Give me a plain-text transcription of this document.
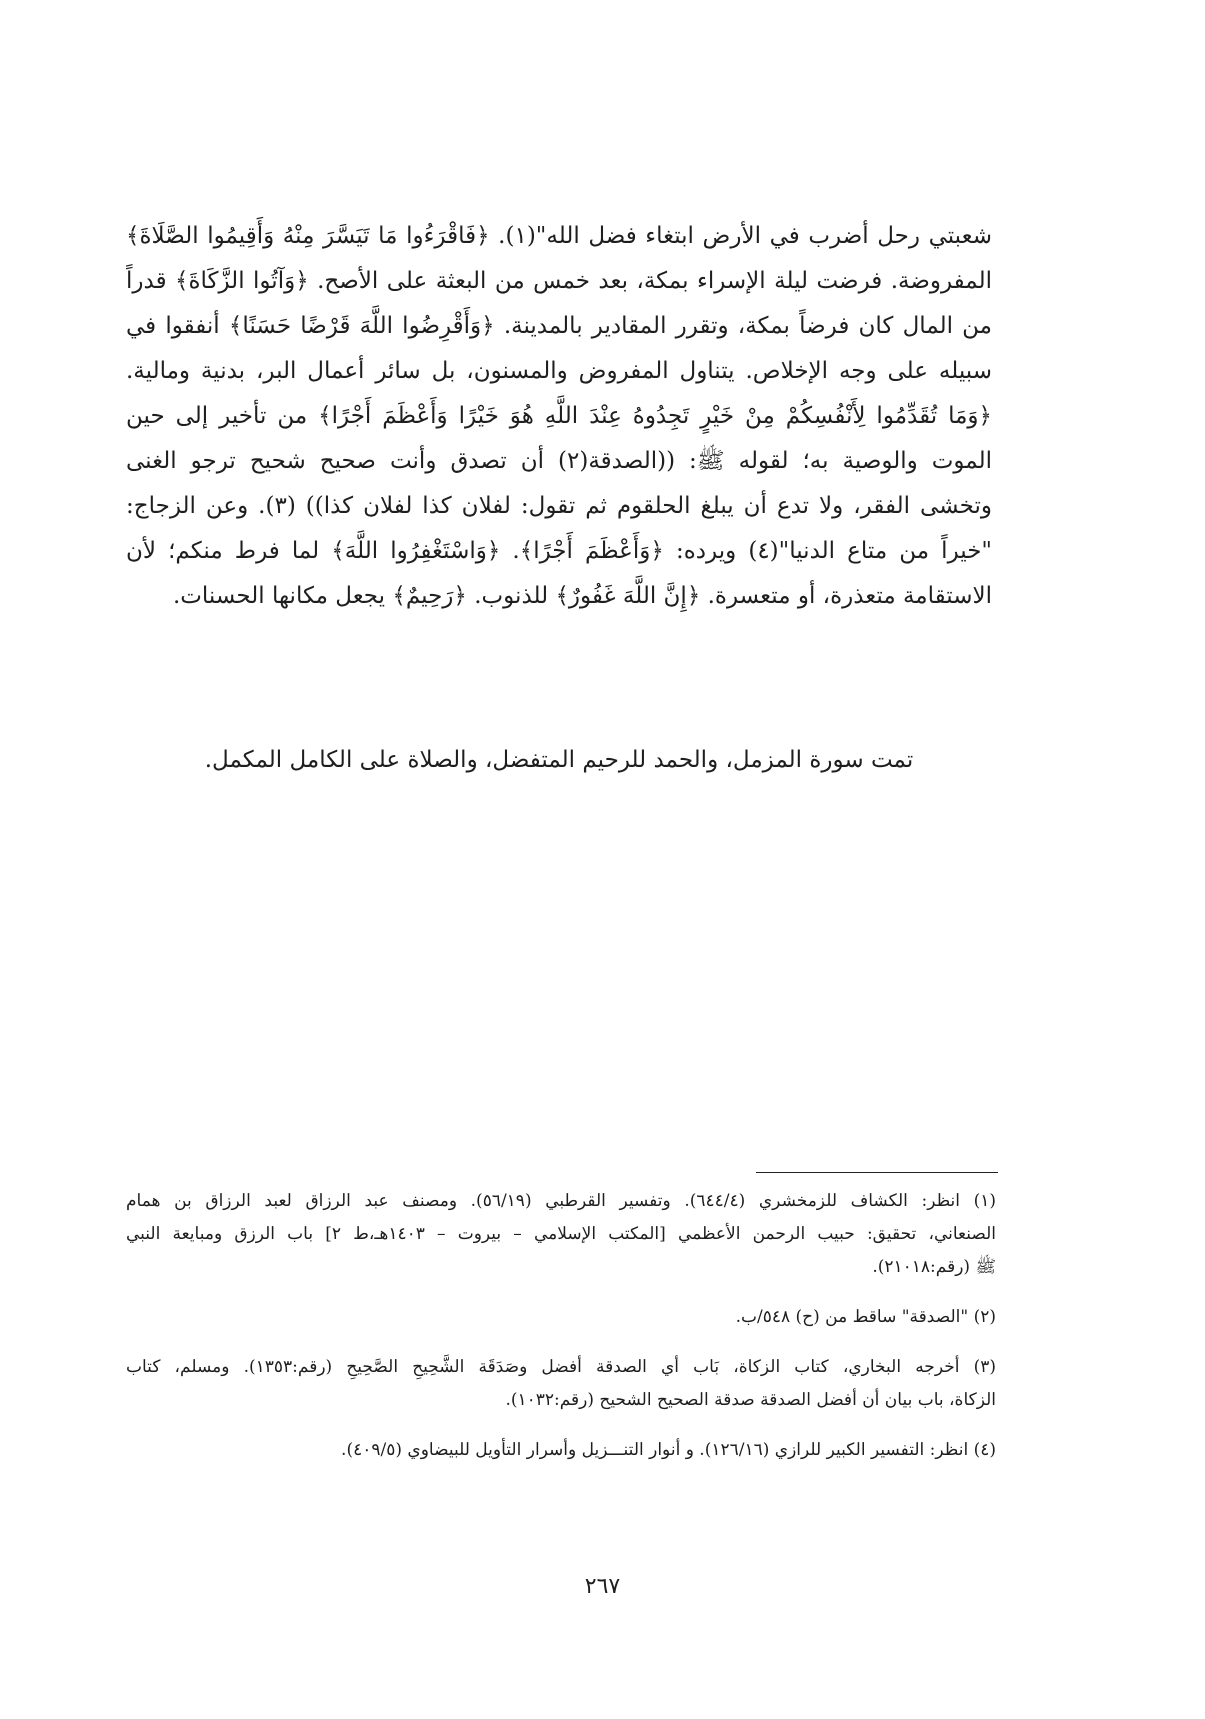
شعبتي رحل أضرب في الأرض ابتغاء فضل الله"(١). ﴿فَاقْرَءُوا مَا تَيَسَّرَ مِنْهُ وَأَقِيمُوا الصَّلَاةَ﴾
المفروضة. فرضت ليلة الإسراء بمكة، بعد خمس من البعثة على الأصح. ﴿وَآتُوا الزَّكَاةَ﴾ قدراً
من المال كان فرضاً بمكة، وتقرر المقادير بالمدينة. ﴿وَأَقْرِضُوا اللَّهَ قَرْضًا حَسَنًا﴾ أنفقوا في
سبيله على وجه الإخلاص. يتناول المفروض والمسنون، بل سائر أعمال البر، بدنية ومالية.
﴿وَمَا تُقَدِّمُوا لِأَنْفُسِكُمْ مِنْ خَيْرٍ تَجِدُوهُ عِنْدَ اللَّهِ هُوَ خَيْرًا وَأَعْظَمَ أَجْرًا﴾ من تأخير إلى حين
الموت والوصية به؛ لقوله ﷺ: ((الصدقة(٢) أن تصدق وأنت صحيح شحيح ترجو الغنى
وتخشى الفقر، ولا تدع أن يبلغ الحلقوم ثم تقول: لفلان كذا لفلان كذا)) (٣). وعن الزجاج:
"خيراً من متاع الدنيا"(٤) ويرده: ﴿وَأَعْظَمَ أَجْرًا﴾. ﴿وَاسْتَغْفِرُوا اللَّهَ﴾ لما فرط منكم؛ لأن
الاستقامة متعذرة، أو متعسرة. ﴿إِنَّ اللَّهَ غَفُورٌ﴾ للذنوب. ﴿رَحِيمٌ﴾ يجعل مكانها الحسنات.
تمت سورة المزمل، والحمد للرحيم المتفضل، والصلاة على الكامل المكمل.
(١) انظر: الكشاف للزمخشري (٦٤٤/٤). وتفسير القرطبي (٥٦/١٩). ومصنف عبد الرزاق لعبد الرزاق بن همام
الصنعاني، تحقيق: حبيب الرحمن الأعظمي [المكتب الإسلامي – بيروت – ١٤٠٣هـ،ط ٢] باب الرزق ومبايعة النبي
ﷺ (رقم:٢١٠١٨).
(٢) "الصدقة" ساقط من (ح) ٥٤٨/ب.
(٣) أخرجه البخاري، كتاب الزكاة، بَاب أي الصدقة أفضل وصَدَقَة الشَّحِيحِ الصَّحِيحِ (رقم:١٣٥٣). ومسلم، كتاب
الزكاة، باب بيان أن أفضل الصدقة صدقة الصحيح الشحيح (رقم:١٠٣٢).
(٤) انظر: التفسير الكبير للرازي (١٢٦/١٦). و أنوار التنـــزيل وأسرار التأويل للبيضاوي (٤٠٩/٥).
٢٦٧
